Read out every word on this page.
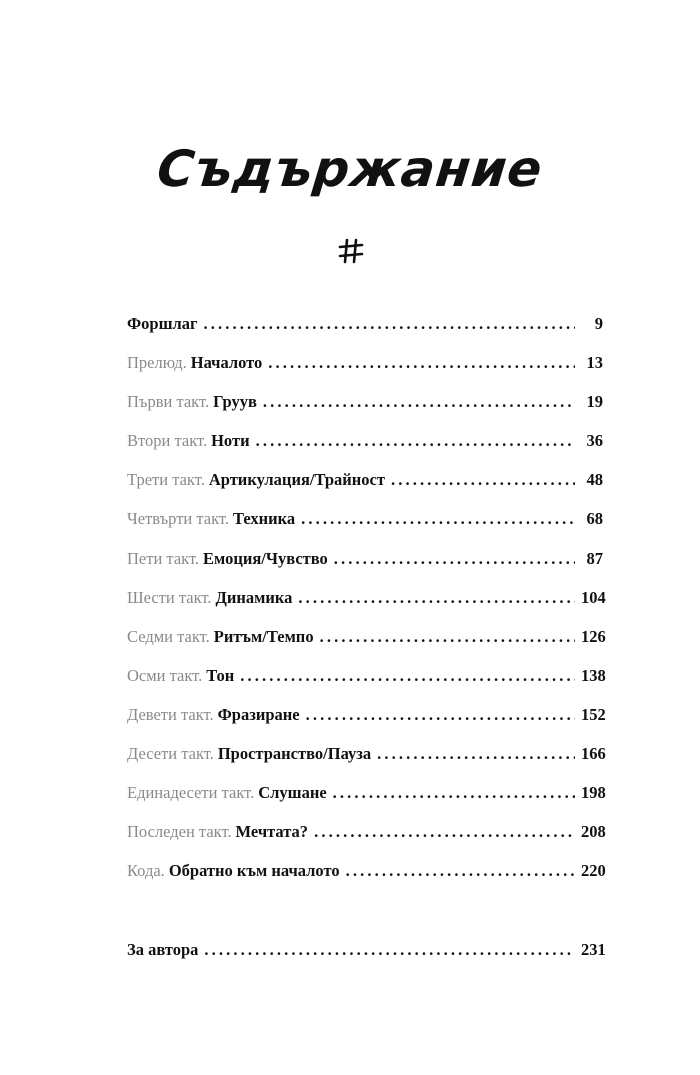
Съдържание
Форшлаг . . .	9
Прелюд. Началото . . .	13
Първи такт. Груув . . .	19
Втори такт. Ноти . . .	36
Трети такт. Артикулация/Трайност . . .	48
Четвърти такт. Техника . . .	68
Пети такт. Емоция/Чувство . . .	87
Шести такт. Динамика . . .	104
Седми такт. Ритъм/Темпо . . .	126
Осми такт. Тон . . .	138
Девети такт. Фразиране . . .	152
Десети такт. Пространство/Пауза . . .	166
Единадесети такт. Слушане . . .	198
Последен такт. Мечтата? . . .	208
Кода. Обратно към началото . . .	220
За автора . . .	231
